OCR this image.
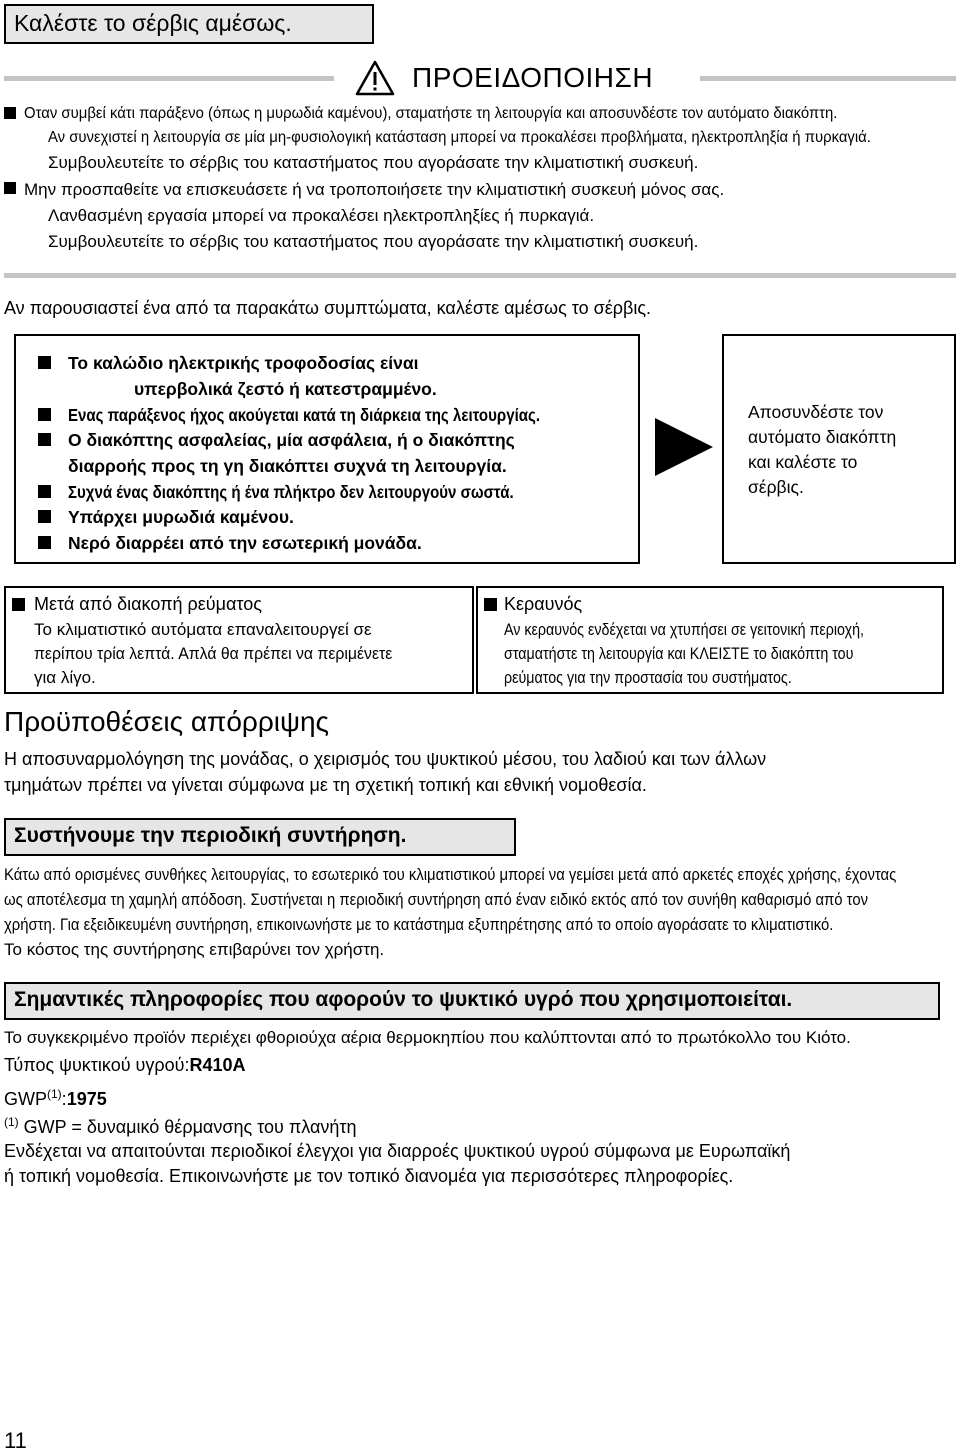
Καλέστε το σέρβις αμέσως.
ΠΡΟΕΙΔΟΠΟΙΗΣΗ
Οταν συμβεί κάτι παράξενο (όπως η μυρωδιά καμένου), σταματήστε τη λειτουργία και αποσυνδέστε τον αυτόματο διακόπτη.
Αν συνεχιστεί η λειτουργία σε μία μη-φυσιολογική κατάσταση μπορεί να προκαλέσει προβλήματα, ηλεκτροπληξία ή πυρκαγιά.
Συμβουλευτείτε το σέρβις του καταστήματος που αγοράσατε την κλιματιστική συσκευή.
Μην προσπαθείτε να επισκευάσετε ή να τροποποιήσετε την κλιματιστική συσκευή μόνος σας.
Λανθασμένη εργασία μπορεί να προκαλέσει ηλεκτροπληξίες ή πυρκαγιά.
Συμβουλευτείτε το σέρβις του καταστήματος που αγοράσατε την κλιματιστική συσκευή.
Αν παρουσιαστεί ένα από τα παρακάτω συμπτώματα, καλέστε αμέσως το σέρβις.
Το καλώδιο ηλεκτρικής τροφοδοσίας είναι
υπερβολικά ζεστό ή κατεστραμμένο.
Ενας παράξενος ήχος ακούγεται κατά τη διάρκεια της λειτουργίας.
Ο διακόπτης ασφαλείας, μία ασφάλεια, ή ο διακόπτης
διαρροής προς τη γη διακόπτει συχνά τη λειτουργία.
Συχνά ένας διακόπτης ή ένα πλήκτρο δεν λειτουργούν σωστά.
Υπάρχει μυρωδιά καμένου.
Νερό διαρρέει από την εσωτερική μονάδα.
Αποσυνδέστε τον
αυτόματο διακόπτη
και καλέστε το
σέρβις.
Μετά από διακοπή ρεύματος
Το κλιματιστικό αυτόματα επαναλειτουργεί σε
περίπου τρία λεπτά. Απλά θα πρέπει να περιμένετε
για λίγο.
Κεραυνός
Αν κεραυνός ενδέχεται να χτυπήσει σε γειτονική περιοχή,
σταματήστε τη λειτουργία και ΚΛΕΙΣΤΕ το διακόπτη του
ρεύματος για την προστασία του συστήματος.
Προϋποθέσεις απόρριψης
Η αποσυναρμολόγηση της μονάδας, ο χειρισμός του ψυκτικού μέσου, του λαδιού και των άλλων
τμημάτων πρέπει να γίνεται σύμφωνα με τη σχετική τοπική και εθνική νομοθεσία.
Συστήνουμε την περιοδική συντήρηση.
Κάτω από ορισμένες συνθήκες λειτουργίας, το εσωτερικό του κλιματιστικού μπορεί να γεμίσει μετά από αρκετές εποχές χρήσης, έχοντας
ως αποτέλεσμα τη χαμηλή απόδοση. Συστήνεται η περιοδική συντήρηση από έναν ειδικό εκτός από τον συνήθη καθαρισμό από τον
χρήστη. Για εξειδικευμένη συντήρηση, επικοινωνήστε με το κατάστημα εξυπηρέτησης από το οποίο αγοράσατε το κλιματιστικό.
Το κόστος της συντήρησης επιβαρύνει τον χρήστη.
Σημαντικές πληροφορίες που αφορούν το ψυκτικό υγρό που χρησιμοποιείται.
Το συγκεκριμένο προϊόν περιέχει φθοριούχα αέρια θερμοκηπίου που καλύπτονται από το πρωτόκολλο του Κιότο.
Τύπος ψυκτικού υγρού:R410A
GWP$^{(1)}$:1975
$^{(1)}$ GWP = δυναμικό θέρμανσης του πλανήτη
Ενδέχεται να απαιτούνται περιοδικοί έλεγχοι για διαρροές ψυκτικού υγρού σύμφωνα με Ευρωπαϊκή
ή τοπική νομοθεσία. Επικοινωνήστε με τον τοπικό διανομέα για περισσότερες πληροφορίες.
11
